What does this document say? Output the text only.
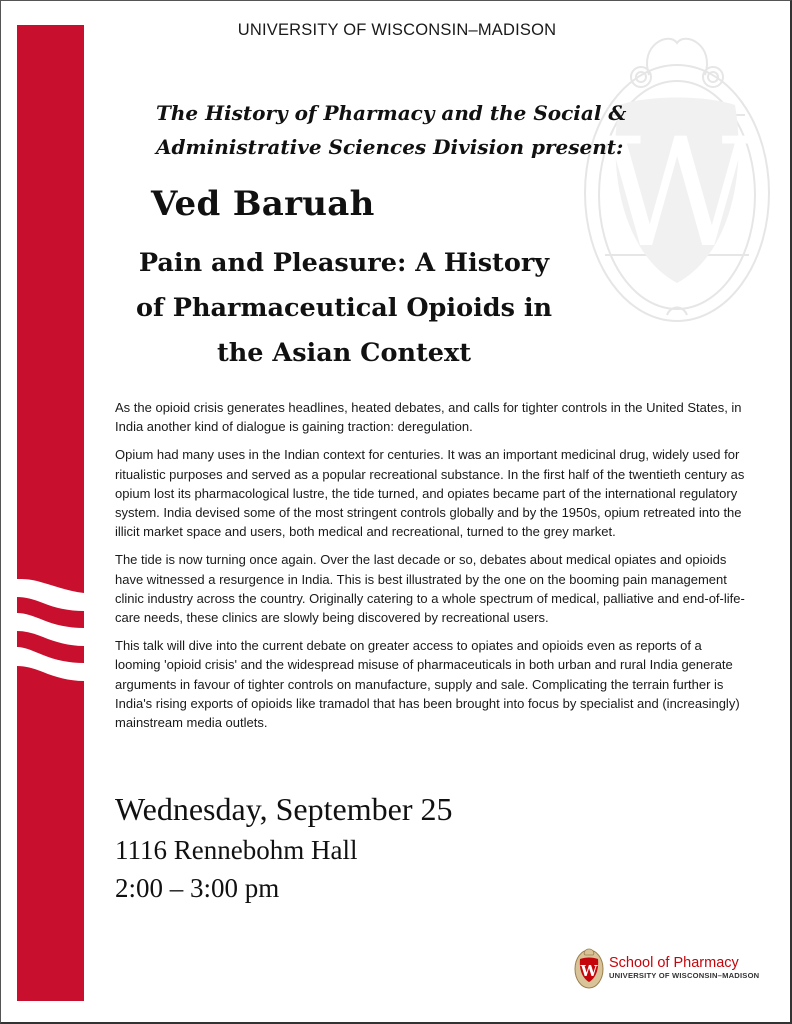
W
UNIVERSITY OF WISCONSIN–MADISON
The History of Pharmacy and the Social &
Administrative Sciences Division present:
Ved Baruah
Pain and Pleasure: A History
of Pharmaceutical Opioids in
the Asian Context

As the opioid crisis generates headlines, heated debates, and calls for tighter controls in the United States, in India another kind of dialogue is gaining traction: deregulation.

Opium had many uses in the Indian context for centuries. It was an important medicinal drug, widely used for ritualistic purposes and served as a popular recreational substance. In the first half of the twentieth century as opium lost its pharmacological lustre, the tide turned, and opiates became part of the international regulatory system. India devised some of the most stringent controls globally and by the 1950s, opium retreated into the illicit market space and users, both medical and recreational, turned to the grey market.

The tide is now turning once again. Over the last decade or so, debates about medical opiates and opioids have witnessed a resurgence in India. This is best illustrated by the one on the booming pain management clinic industry across the country. Originally catering to a whole spectrum of medical, palliative and end-of-life-care needs, these clinics are slowly being discovered by recreational users.

This talk will dive into the current debate on greater access to opiates and opioids even as reports of a looming 'opioid crisis' and the widespread misuse of pharmaceuticals in both urban and rural India generate arguments in favour of tighter controls on manufacture, supply and sale. Complicating the terrain further is India's rising exports of opioids like tramadol that has been brought into focus by specialist and (increasingly) mainstream media outlets.

Wednesday, September 25
1116 Rennebohm Hall
2:00 – 3:00 pm
W School of Pharmacy
UNIVERSITY OF WISCONSIN–MADISON
